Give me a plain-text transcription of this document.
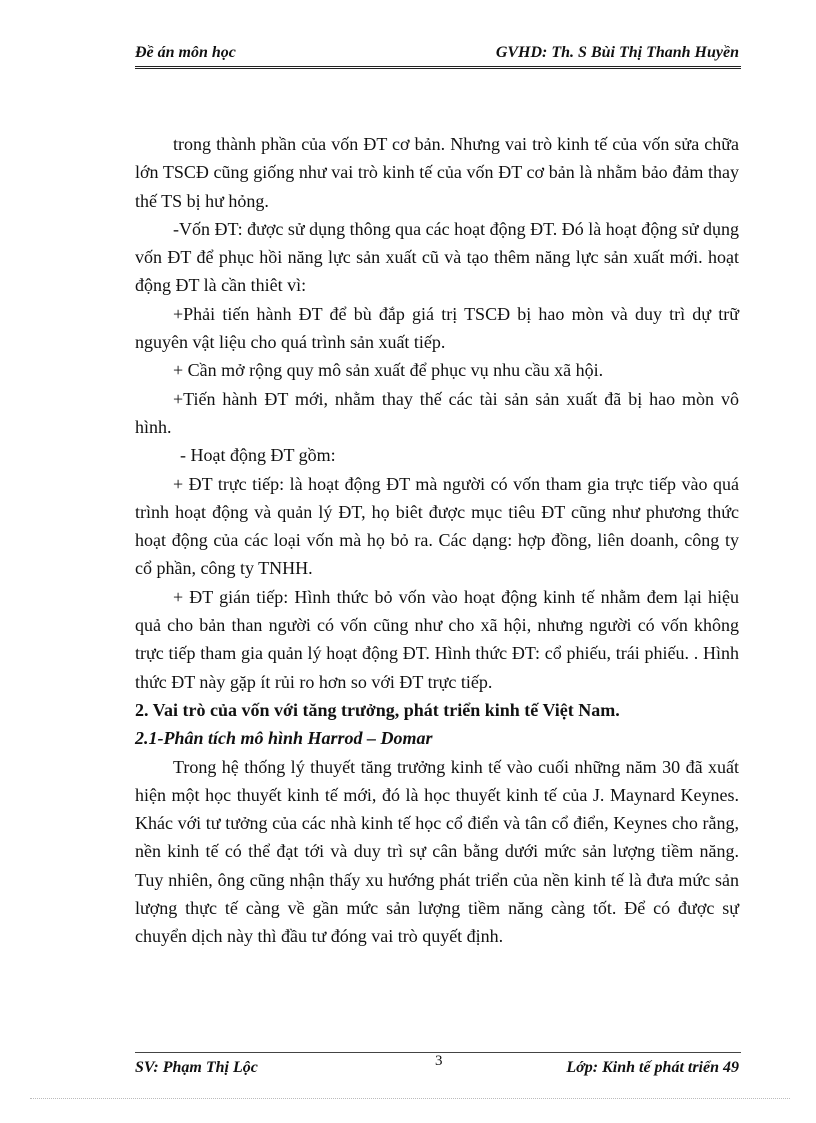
Đề án môn học	GVHD: Th. S Bùi Thị Thanh Huyền

trong thành phần của vốn ĐT cơ bản. Nhưng vai trò kinh tế của vốn sửa chữa lớn TSCĐ cũng giống như vai trò kinh tế của vốn ĐT cơ bản là nhằm bảo đảm thay thế TS bị hư hỏng.

-Vốn ĐT: được sử dụng thông qua các hoạt động ĐT. Đó là hoạt động sử dụng vốn ĐT để phục hồi năng lực sản xuất cũ và tạo thêm năng lực sản xuất mới. hoạt động ĐT là cần thiêt vì:

+Phải tiến hành ĐT để bù đắp giá trị TSCĐ bị hao mòn và duy trì dự trữ nguyên vật liệu cho quá trình sản xuất tiếp.

+ Cần mở rộng quy mô sản xuất để phục vụ nhu cầu xã hội.

+Tiến hành ĐT mới, nhằm thay thế các tài sản sản xuất đã bị hao mòn vô hình.

- Hoạt động ĐT gồm:

+ ĐT trực tiếp: là hoạt động ĐT mà người có vốn tham gia trực tiếp vào quá trình hoạt động và quản lý ĐT, họ biêt được mục tiêu ĐT cũng như phương thức hoạt động của các loại vốn mà họ bỏ ra. Các dạng: hợp đồng, liên doanh, công ty cổ phần, công ty TNHH.

+ ĐT gián tiếp: Hình thức bỏ vốn vào hoạt động kinh tế nhằm đem lại hiệu quả cho bản than người có vốn cũng như cho xã hội, nhưng người có vốn không trực tiếp tham gia quản lý hoạt động ĐT. Hình thức ĐT: cổ phiếu, trái phiếu. . Hình thức ĐT này gặp ít rủi ro hơn so với ĐT trực tiếp.

2. Vai trò của vốn với tăng trưởng, phát triển kinh tế Việt Nam.

2.1-Phân tích mô hình Harrod – Domar

Trong hệ thống lý thuyết tăng trưởng kinh tế vào cuối những năm 30 đã xuất hiện một học thuyết kinh tế mới, đó là học thuyết kinh tế của J. Maynard Keynes. Khác với tư tưởng của các nhà kinh tế học cổ điển và tân cổ điển, Keynes cho rằng, nền kinh tế có thể đạt tới và duy trì sự cân bằng dưới mức sản lượng tiềm năng. Tuy nhiên, ông cũng nhận thấy xu hướng phát triển của nền kinh tế là đưa mức sản lượng thực tế càng về gần mức sản lượng tiềm năng càng tốt. Để có được sự chuyển dịch này thì đầu tư đóng vai trò quyết định.

SV: Phạm Thị Lộc	3	Lớp: Kinh tế phát triển 49
